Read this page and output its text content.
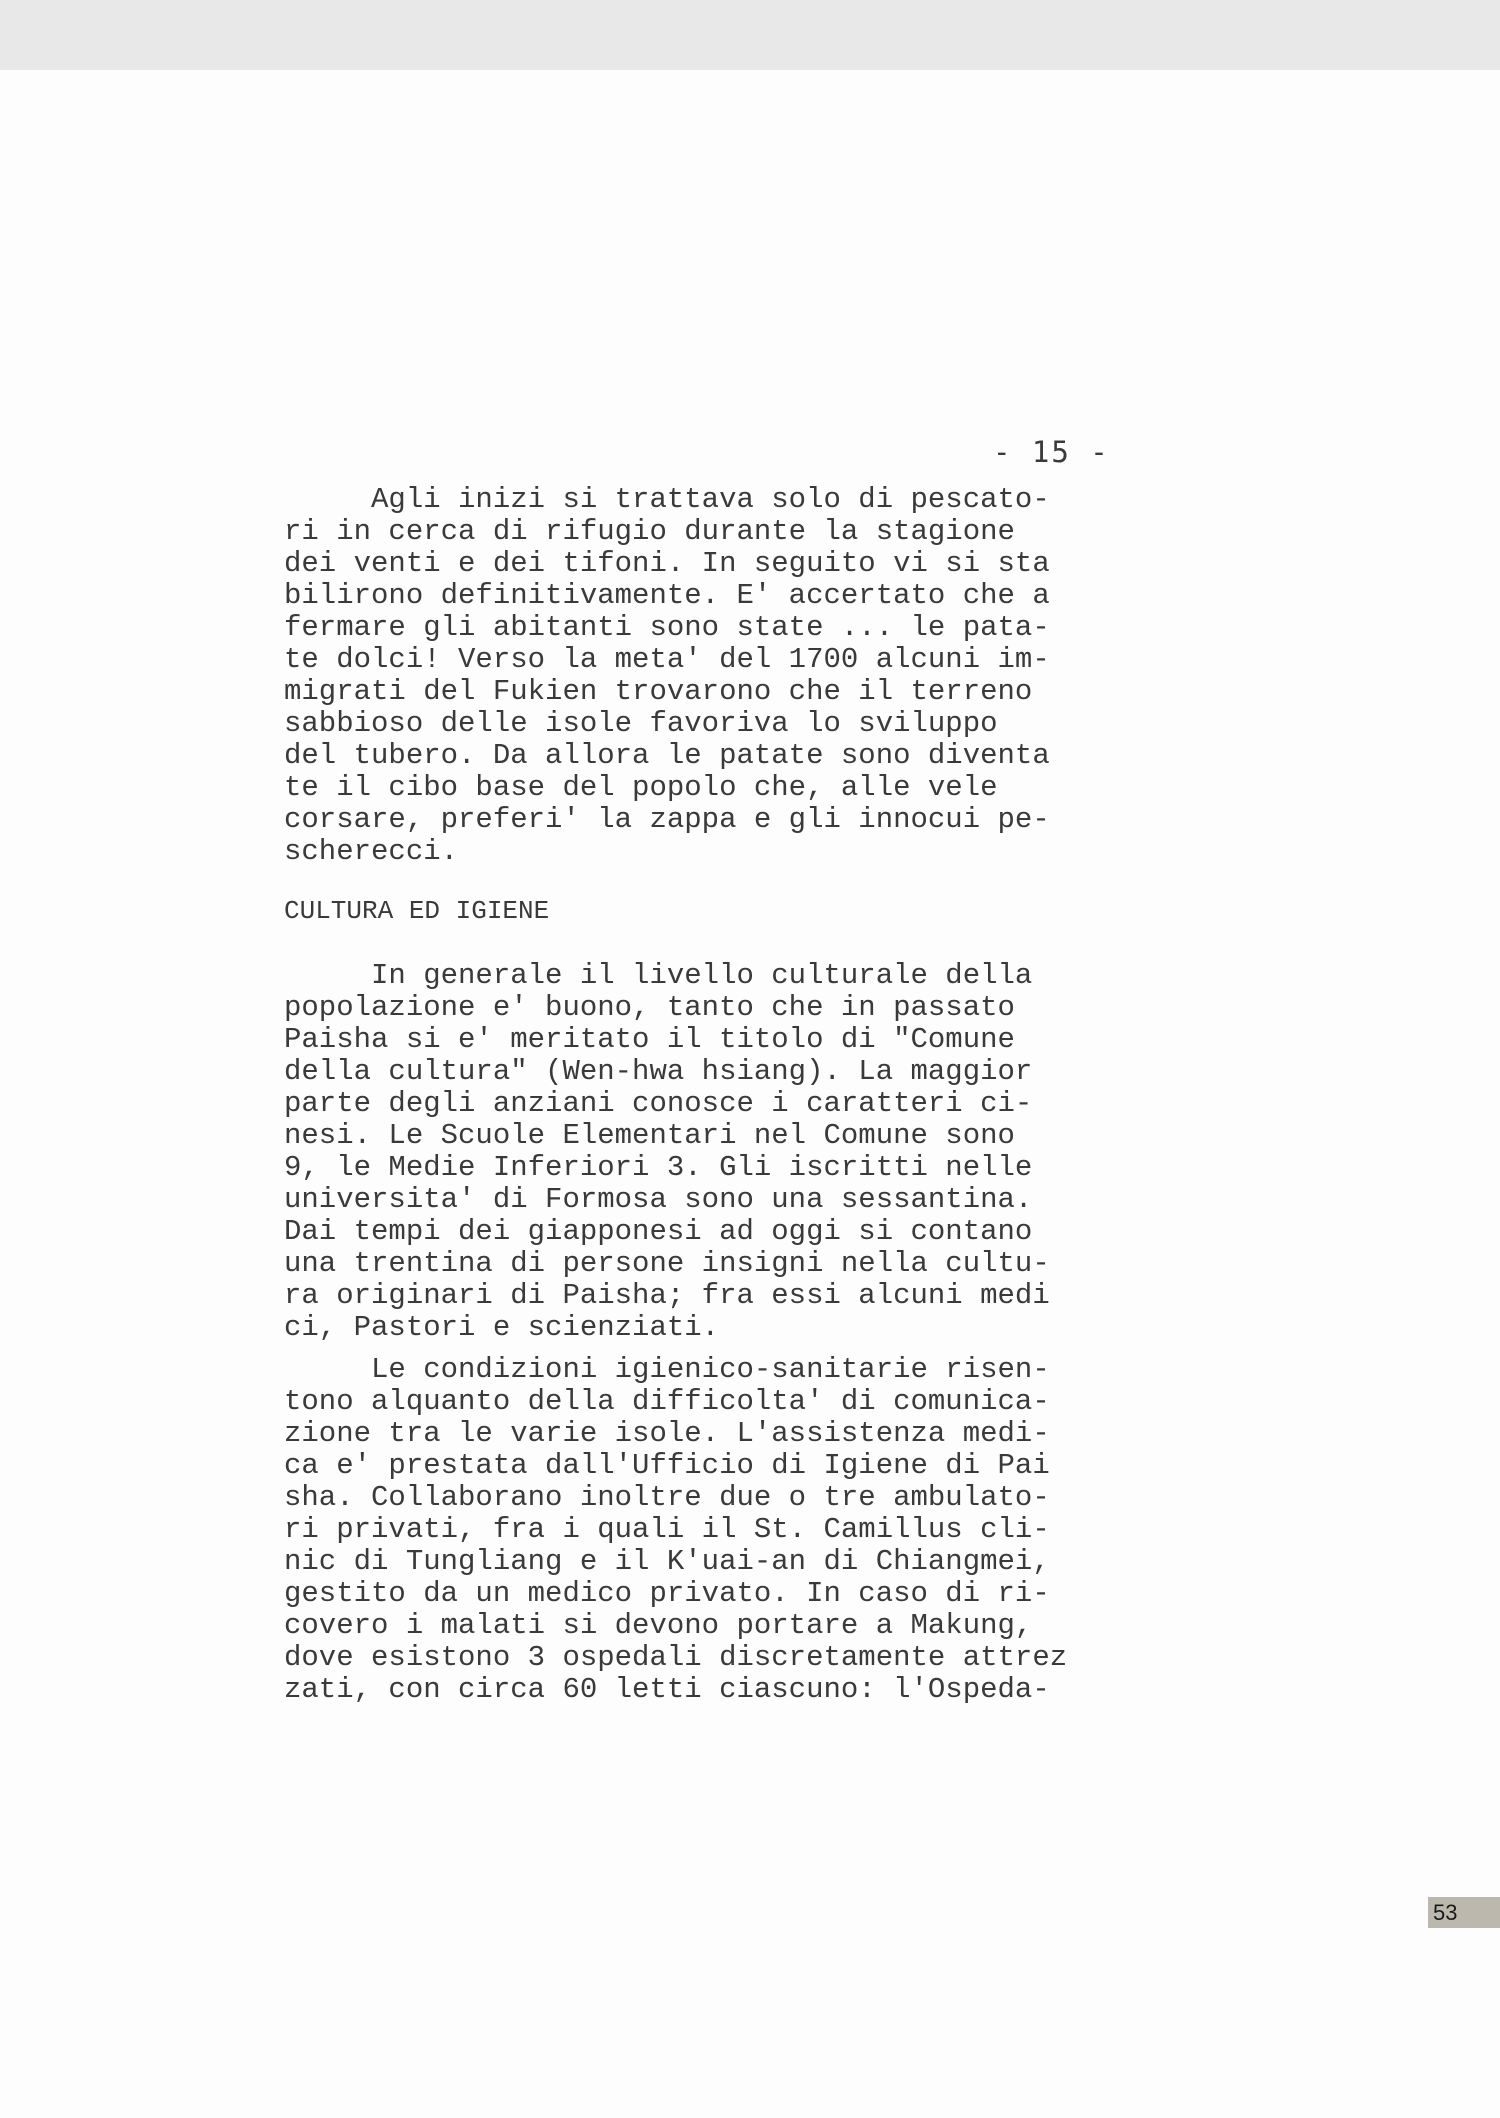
- 15 -
Agli inizi si trattava solo di pescato-
ri in cerca di rifugio durante la stagione
dei venti e dei tifoni. In seguito vi si sta
bilirono definitivamente. E' accertato che a
fermare gli abitanti sono state ... le pata-
te dolci! Verso la meta' del 1700 alcuni im-
migrati del Fukien trovarono che il terreno
sabbioso delle isole favoriva lo sviluppo
del tubero. Da allora le patate sono diventa
te il cibo base del popolo che, alle vele
corsare, preferi' la zappa e gli innocui pe-
scherecci.
CULTURA ED IGIENE
In generale il livello culturale della
popolazione e' buono, tanto che in passato
Paisha si e' meritato il titolo di "Comune
della cultura" (Wen-hwa hsiang). La maggior
parte degli anziani conosce i caratteri ci-
nesi. Le Scuole Elementari nel Comune sono
9, le Medie Inferiori 3. Gli iscritti nelle
universita' di Formosa sono una sessantina.
Dai tempi dei giapponesi ad oggi si contano
una trentina di persone insigni nella cultu-
ra originari di Paisha; fra essi alcuni medi
ci, Pastori e scienziati.
Le condizioni igienico-sanitarie risen-
tono alquanto della difficolta' di comunica-
zione tra le varie isole. L'assistenza medi-
ca e' prestata dall'Ufficio di Igiene di Pai
sha. Collaborano inoltre due o tre ambulato-
ri privati, fra i quali il St. Camillus cli-
nic di Tungliang e il K'uai-an di Chiangmei,
gestito da un medico privato. In caso di ri-
covero i malati si devono portare a Makung,
dove esistono 3 ospedali discretamente attrez
zati, con circa 60 letti ciascuno: l'Ospeda-
53
